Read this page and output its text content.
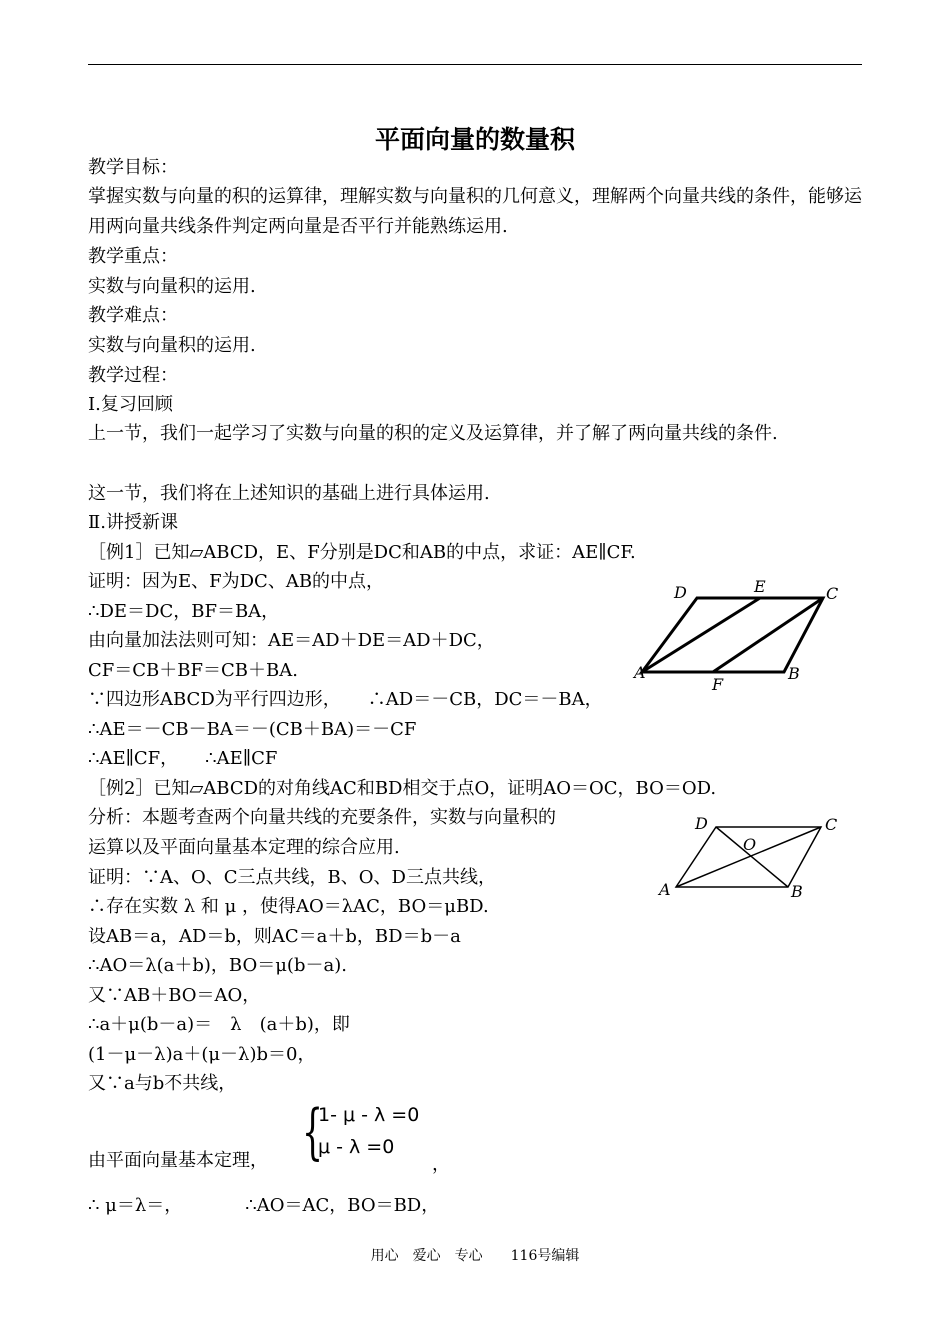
平面向量的数量积
教学目标：
掌握实数与向量的积的运算律，理解实数与向量积的几何意义，理解两个向量共线的条件，能够运用两向量共线条件判定两向量是否平行并能熟练运用.
教学重点：
实数与向量积的运用.
教学难点：
实数与向量积的运用.
教学过程：
Ⅰ.复习回顾
上一节，我们一起学习了实数与向量的积的定义及运算律，并了解了两向量共线的条件.
这一节，我们将在上述知识的基础上进行具体运用.
Ⅱ.讲授新课
［例1］已知▱ABCD，E、F分别是DC和AB的中点，求证：AE∥CF.
证明：因为E、F为DC、AB的中点，
∴DE＝DC，BF＝BA，
由向量加法法则可知：AE＝AD＋DE＝AD＋DC，
CF＝CB＋BF＝CB＋BA.
∵四边形ABCD为平行四边形，　　∴AD＝－CB，DC＝－BA，
∴AE＝－CB－BA＝－(CB＋BA)＝－CF
∴AE∥CF，　　∴AE∥CF
［例2］已知▱ABCD的对角线AC和BD相交于点O，证明AO＝OC，BO＝OD.
分析：本题考查两个向量共线的充要条件，实数与向量积的
运算以及平面向量基本定理的综合应用.
证明：∵A、O、C三点共线，B、O、D三点共线，
∴存在实数 λ 和 μ ，使得AO＝λAC，BO＝μBD.
设AB＝a，AD＝b，则AC＝a＋b，BD＝b－a
∴AO＝λ(a＋b)，BO＝μ(b－a).
又∵AB＋BO＝AO，
∴a＋μ(b－a)＝　λ　(a＋b)，即
(1－μ－λ)a＋(μ－λ)b＝0，
又∵a与b不共线，
由平面向量基本定理， {
1- μ - λ =0
μ - λ =0
，
∴ μ＝λ＝，　　　　∴AO＝AC，BO＝BD，
D	E	C
A
F
B
D
O
C
A	B
用心　爱心　专心　　116号编辑
